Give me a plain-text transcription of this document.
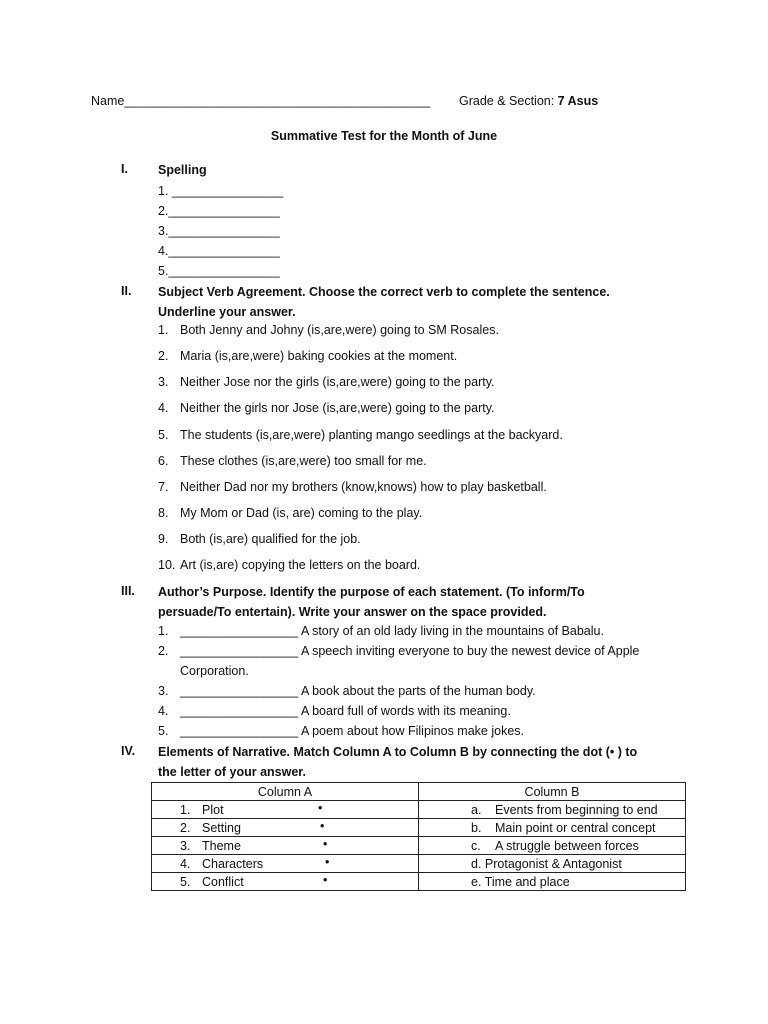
Name____________________________________________ Grade & Section: 7 Asus
Summative Test for the Month of June
I. Spelling
1. ________________
2.________________
3.________________
4.________________
5.________________
II. Subject Verb Agreement. Choose the correct verb to complete the sentence. Underline your answer.
1. Both Jenny and Johny (is,are,were) going to SM Rosales.
2. Maria (is,are,were) baking cookies at the moment.
3. Neither Jose nor the girls (is,are,were) going to the party.
4. Neither the girls nor Jose (is,are,were) going to the party.
5. The students (is,are,were) planting mango seedlings at the backyard.
6. These clothes (is,are,were) too small for me.
7. Neither Dad nor my brothers (know,knows) how to play basketball.
8. My Mom or Dad (is, are) coming to the play.
9. Both (is,are) qualified for the job.
10. Art (is,are) copying the letters on the board.
III. Author’s Purpose. Identify the purpose of each statement. (To inform/To persuade/To entertain). Write your answer on the space provided.
1. _________________ A story of an old lady living in the mountains of Babalu.
2. _________________ A speech inviting everyone to buy the newest device of Apple
Corporation.
3. _________________ A book about the parts of the human body.
4. _________________ A board full of words with its meaning.
5. _________________ A poem about how Filipinos make jokes.
IV. Elements of Narrative. Match Column A to Column B by connecting the dot (• ) to the letter of your answer.
Column A	Column B
1. Plot •	a. Events from beginning to end
2. Setting •	b. Main point or central concept
3. Theme •	c. A struggle between forces
4. Characters •	d. Protagonist & Antagonist
5. Conflict •	e. Time and place
